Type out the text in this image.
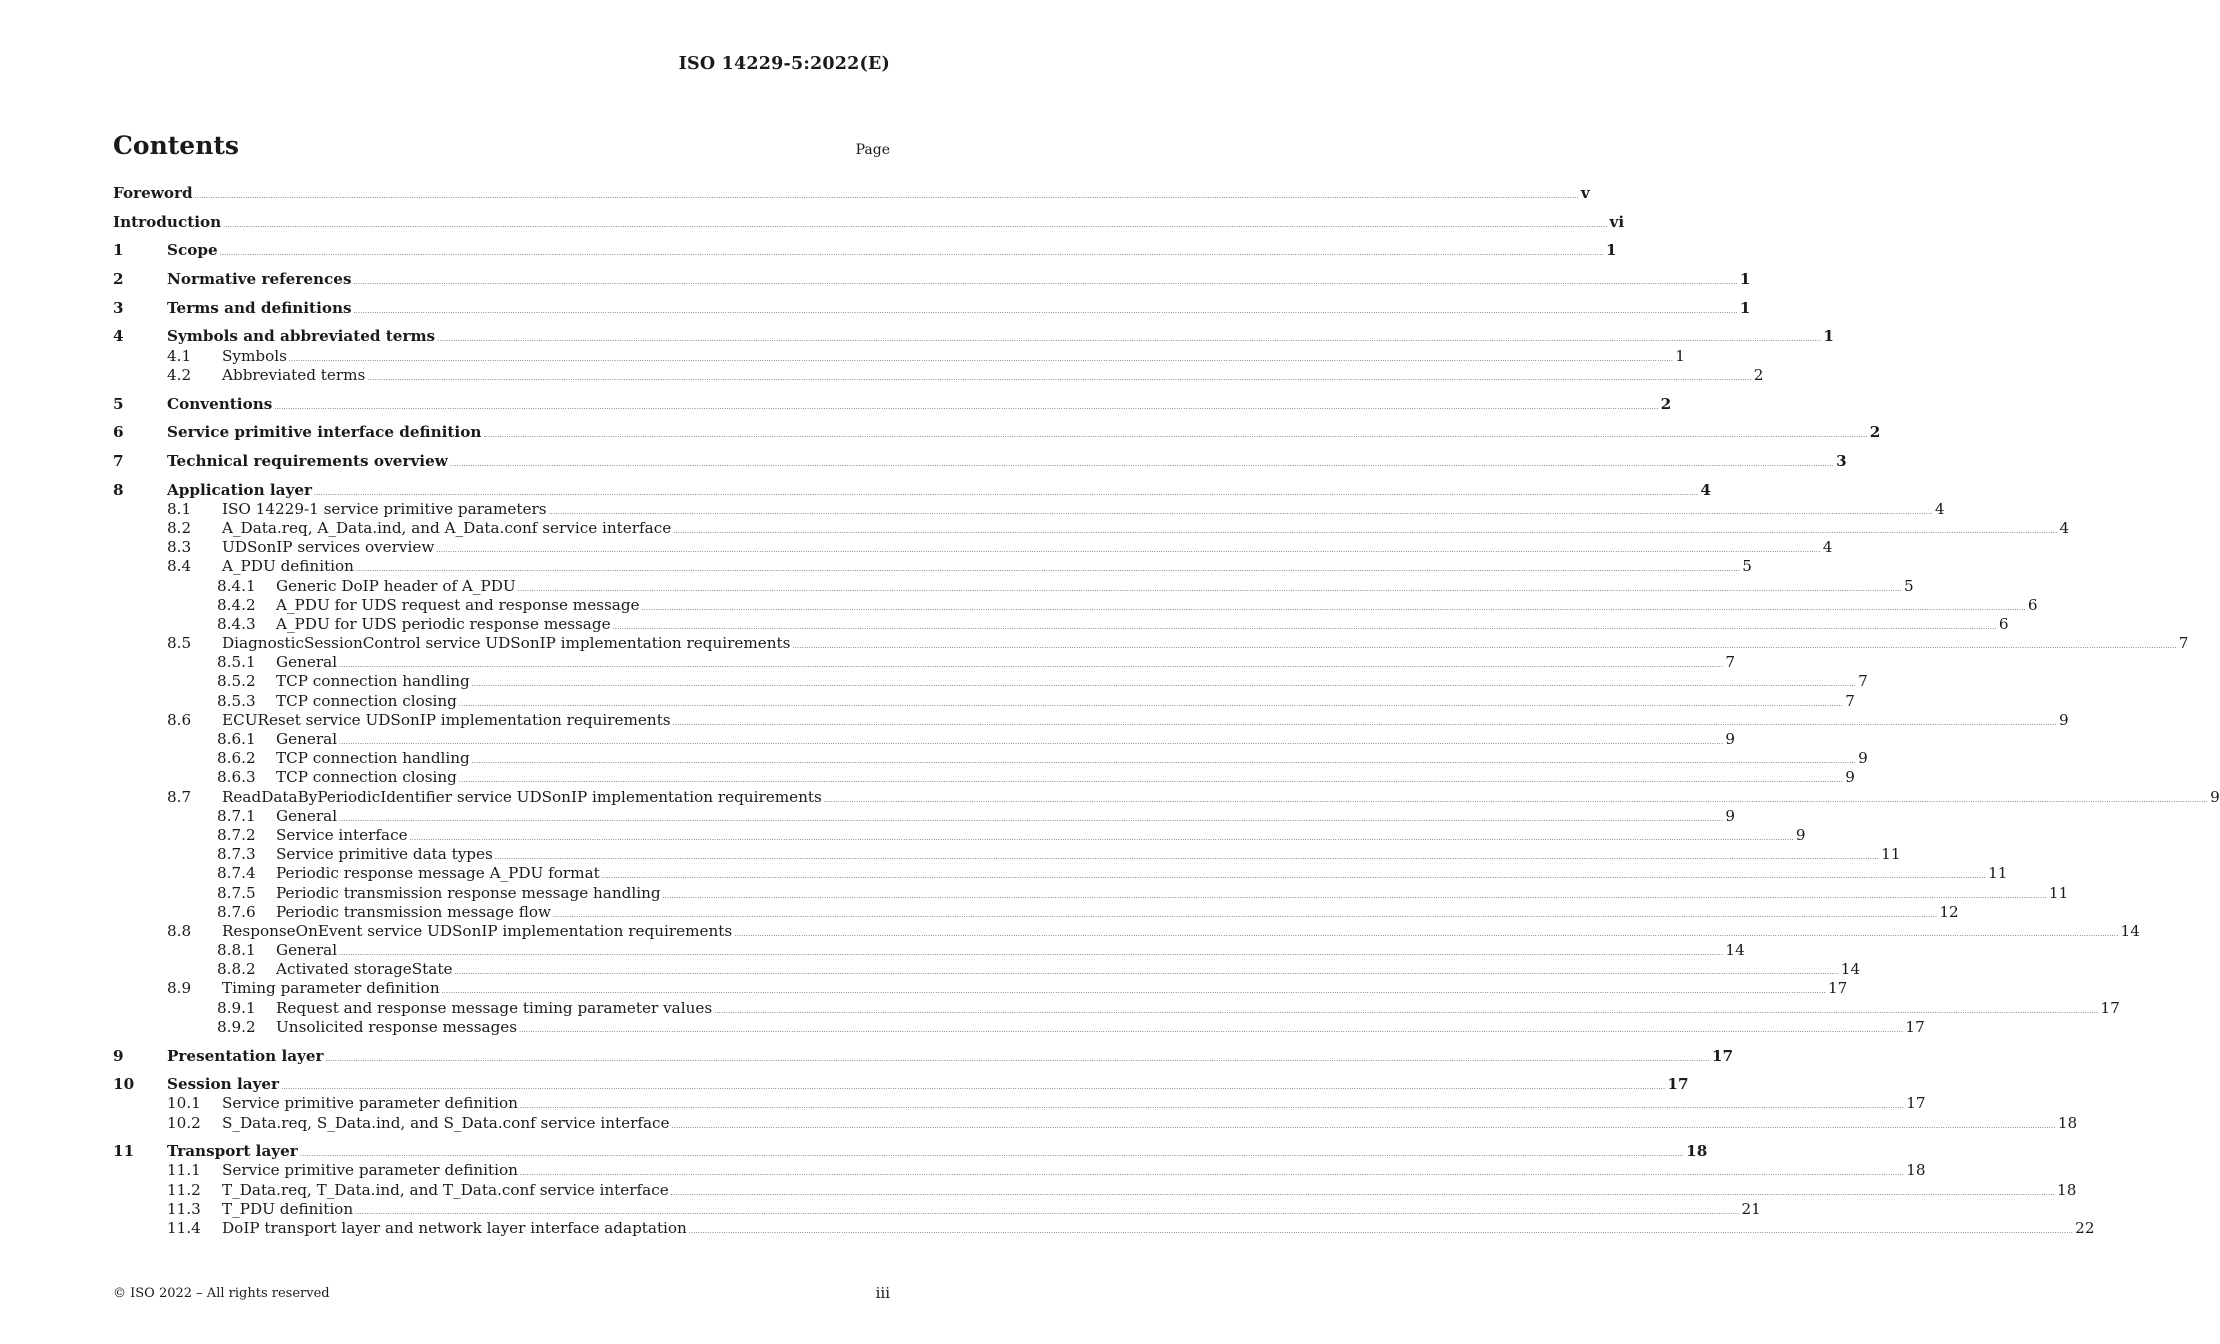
ISO 14229-5:2022(E)
Contents	Page
Foreword ........................................................................................................................................................................................................................................................................................................................................................................................................................................................................................................................................................................................................................ v
Introduction ........................................................................................................................................................................................................................................................................................................................................................................................................................................................................................................................................................................................................................ vi
1	Scope ........................................................................................................................................................................................................................................................................................................................................................................................................................................................................................................................................................................................................................ 1
2	Normative references ........................................................................................................................................................................................................................................................................................................................................................................................................................................................................................................................................................................................................................ 1
3	Terms and definitions ........................................................................................................................................................................................................................................................................................................................................................................................................................................................................................................................................................................................................................ 1
4	Symbols and abbreviated terms ........................................................................................................................................................................................................................................................................................................................................................................................................................................................................................................................................................................................................................ 1
4.1	Symbols ........................................................................................................................................................................................................................................................................................................................................................................................................................................................................................................................................................................................................................ 1
4.2	Abbreviated terms ........................................................................................................................................................................................................................................................................................................................................................................................................................................................................................................................................................................................................................ 2
5	Conventions ........................................................................................................................................................................................................................................................................................................................................................................................................................................................................................................................................................................................................................ 2
6	Service primitive interface definition ........................................................................................................................................................................................................................................................................................................................................................................................................................................................................................................................................................................................................................ 2
7	Technical requirements overview ........................................................................................................................................................................................................................................................................................................................................................................................................................................................................................................................................................................................................................ 3
8	Application layer ........................................................................................................................................................................................................................................................................................................................................................................................................................................................................................................................................................................................................................ 4
8.1	ISO 14229-1 service primitive parameters ........................................................................................................................................................................................................................................................................................................................................................................................................................................................................................................................................................................................................................ 4
8.2	A_Data.req, A_Data.ind, and A_Data.conf service interface ........................................................................................................................................................................................................................................................................................................................................................................................................................................................................................................................................................................................................................ 4
8.3	UDSonIP services overview ........................................................................................................................................................................................................................................................................................................................................................................................................................................................................................................................................................................................................................ 4
8.4	A_PDU definition ........................................................................................................................................................................................................................................................................................................................................................................................................................................................................................................................................................................................................................ 5
8.4.1	Generic DoIP header of A_PDU ........................................................................................................................................................................................................................................................................................................................................................................................................................................................................................................................................................................................................................ 5
8.4.2	A_PDU for UDS request and response message ........................................................................................................................................................................................................................................................................................................................................................................................................................................................................................................................................................................................................................ 6
8.4.3	A_PDU for UDS periodic response message ........................................................................................................................................................................................................................................................................................................................................................................................................................................................................................................................................................................................................................ 6
8.5	DiagnosticSessionControl service UDSonIP implementation requirements ........................................................................................................................................................................................................................................................................................................................................................................................................................................................................................................................................................................................................................ 7
8.5.1	General ........................................................................................................................................................................................................................................................................................................................................................................................................................................................................................................................................................................................................................ 7
8.5.2	TCP connection handling ........................................................................................................................................................................................................................................................................................................................................................................................................................................................................................................................................................................................................................ 7
8.5.3	TCP connection closing ........................................................................................................................................................................................................................................................................................................................................................................................................................................................................................................................................................................................................................ 7
8.6	ECUReset service UDSonIP implementation requirements ........................................................................................................................................................................................................................................................................................................................................................................................................................................................................................................................................................................................................................ 9
8.6.1	General ........................................................................................................................................................................................................................................................................................................................................................................................................................................................................................................................................................................................................................ 9
8.6.2	TCP connection handling ........................................................................................................................................................................................................................................................................................................................................................................................................................................................................................................................................................................................................................ 9
8.6.3	TCP connection closing ........................................................................................................................................................................................................................................................................................................................................................................................................................................................................................................................................................................................................................ 9
8.7	ReadDataByPeriodicIdentifier service UDSonIP implementation requirements ........................................................................................................................................................................................................................................................................................................................................................................................................................................................................................................................................................................................................................ 9
8.7.1	General ........................................................................................................................................................................................................................................................................................................................................................................................................................................................................................................................................................................................................................ 9
8.7.2	Service interface ........................................................................................................................................................................................................................................................................................................................................................................................................................................................................................................................................................................................................................ 9
8.7.3	Service primitive data types ........................................................................................................................................................................................................................................................................................................................................................................................................................................................................................................................................................................................................................ 11
8.7.4	Periodic response message A_PDU format ........................................................................................................................................................................................................................................................................................................................................................................................................................................................................................................................................................................................................................ 11
8.7.5	Periodic transmission response message handling ........................................................................................................................................................................................................................................................................................................................................................................................................................................................................................................................................................................................................................ 11
8.7.6	Periodic transmission message flow ........................................................................................................................................................................................................................................................................................................................................................................................................................................................................................................................................................................................................................ 12
8.8	ResponseOnEvent service UDSonIP implementation requirements ........................................................................................................................................................................................................................................................................................................................................................................................................................................................................................................................................................................................................................ 14
8.8.1	General ........................................................................................................................................................................................................................................................................................................................................................................................................................................................................................................................................................................................................................ 14
8.8.2	Activated storageState ........................................................................................................................................................................................................................................................................................................................................................................................................................................................................................................................................................................................................................ 14
8.9	Timing parameter definition ........................................................................................................................................................................................................................................................................................................................................................................................................................................................................................................................................................................................................................ 17
8.9.1	Request and response message timing parameter values ........................................................................................................................................................................................................................................................................................................................................................................................................................................................................................................................................................................................................................ 17
8.9.2	Unsolicited response messages ........................................................................................................................................................................................................................................................................................................................................................................................................................................................................................................................................................................................................................ 17
9	Presentation layer ........................................................................................................................................................................................................................................................................................................................................................................................................................................................................................................................................................................................................................ 17
10	Session layer ........................................................................................................................................................................................................................................................................................................................................................................................................................................................................................................................................................................................................................ 17
10.1	Service primitive parameter definition ........................................................................................................................................................................................................................................................................................................................................................................................................................................................................................................................................................................................................................ 17
10.2	S_Data.req, S_Data.ind, and S_Data.conf service interface ........................................................................................................................................................................................................................................................................................................................................................................................................................................................................................................................................................................................................................ 18
11	Transport layer ........................................................................................................................................................................................................................................................................................................................................................................................................................................................................................................................................................................................................................ 18
11.1	Service primitive parameter definition ........................................................................................................................................................................................................................................................................................................................................................................................................................................................................................................................................................................................................................ 18
11.2	T_Data.req, T_Data.ind, and T_Data.conf service interface ........................................................................................................................................................................................................................................................................................................................................................................................................................................................................................................................................................................................................................ 18
11.3	T_PDU definition ........................................................................................................................................................................................................................................................................................................................................................................................................................................................................................................................................................................................................................ 21
11.4	DoIP transport layer and network layer interface adaptation ........................................................................................................................................................................................................................................................................................................................................................................................................................................................................................................................................................................................................................ 22
© ISO 2022 – All rights reserved	iii
